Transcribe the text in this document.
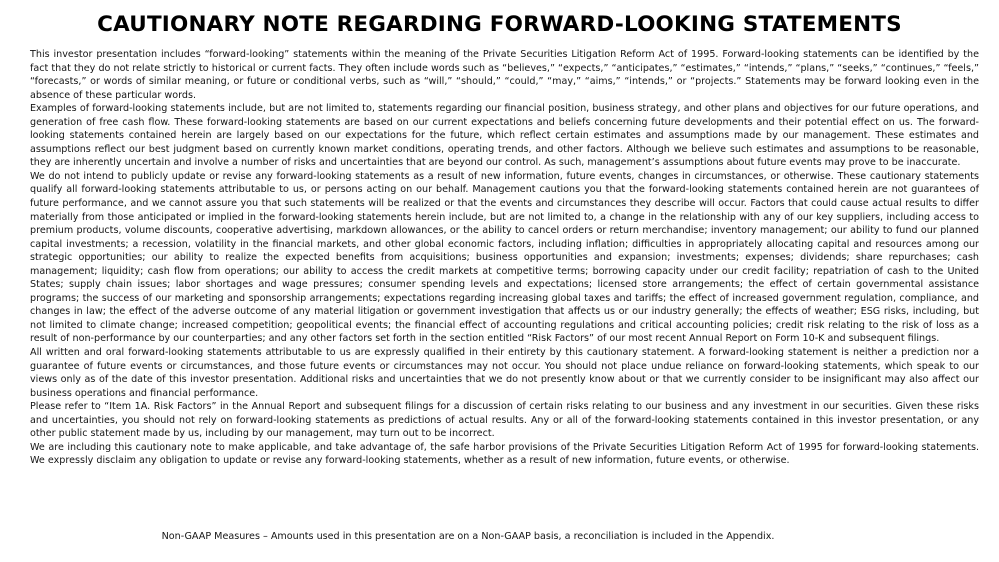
CAUTIONARY NOTE REGARDING FORWARD-LOOKING STATEMENTS

This investor presentation includes “forward-looking” statements within the meaning of the Private Securities Litigation Reform Act of 1995. Forward-looking statements can be identified by the fact that they do not relate strictly to historical or current facts. They often include words such as “believes,” “expects,” “anticipates,” “estimates,” “intends,” “plans,” “seeks,” “continues,” “feels,” “forecasts,” or words of similar meaning, or future or conditional verbs, such as “will,” “should,” “could,” “may,” “aims,” “intends,” or “projects.” Statements may be forward looking even in the absence of these particular words.

Examples of forward-looking statements include, but are not limited to, statements regarding our financial position, business strategy, and other plans and objectives for our future operations, and generation of free cash flow. These forward-looking statements are based on our current expectations and beliefs concerning future developments and their potential effect on us. The forward-looking statements contained herein are largely based on our expectations for the future, which reflect certain estimates and assumptions made by our management. These estimates and assumptions reflect our best judgment based on currently known market conditions, operating trends, and other factors. Although we believe such estimates and assumptions to be reasonable, they are inherently uncertain and involve a number of risks and uncertainties that are beyond our control. As such, management’s assumptions about future events may prove to be inaccurate.

We do not intend to publicly update or revise any forward-looking statements as a result of new information, future events, changes in circumstances, or otherwise. These cautionary statements qualify all forward-looking statements attributable to us, or persons acting on our behalf. Management cautions you that the forward-looking statements contained herein are not guarantees of future performance, and we cannot assure you that such statements will be realized or that the events and circumstances they describe will occur. Factors that could cause actual results to differ materially from those anticipated or implied in the forward-looking statements herein include, but are not limited to, a change in the relationship with any of our key suppliers, including access to premium products, volume discounts, cooperative advertising, markdown allowances, or the ability to cancel orders or return merchandise; inventory management; our ability to fund our planned capital investments; a recession, volatility in the financial markets, and other global economic factors, including inflation; difficulties in appropriately allocating capital and resources among our strategic opportunities; our ability to realize the expected benefits from acquisitions; business opportunities and expansion; investments; expenses; dividends; share repurchases; cash management; liquidity; cash flow from operations; our ability to access the credit markets at competitive terms; borrowing capacity under our credit facility; repatriation of cash to the United States; supply chain issues; labor shortages and wage pressures; consumer spending levels and expectations; licensed store arrangements; the effect of certain governmental assistance programs; the success of our marketing and sponsorship arrangements; expectations regarding increasing global taxes and tariffs; the effect of increased government regulation, compliance, and changes in law; the effect of the adverse outcome of any material litigation or government investigation that affects us or our industry generally; the effects of weather; ESG risks, including, but not limited to climate change; increased competition; geopolitical events; the financial effect of accounting regulations and critical accounting policies; credit risk relating to the risk of loss as a result of non-performance by our counterparties; and any other factors set forth in the section entitled “Risk Factors” of our most recent Annual Report on Form 10-K and subsequent filings.

All written and oral forward-looking statements attributable to us are expressly qualified in their entirety by this cautionary statement. A forward-looking statement is neither a prediction nor a guarantee of future events or circumstances, and those future events or circumstances may not occur. You should not place undue reliance on forward-looking statements, which speak to our views only as of the date of this investor presentation. Additional risks and uncertainties that we do not presently know about or that we currently consider to be insignificant may also affect our business operations and financial performance.

Please refer to “Item 1A. Risk Factors” in the Annual Report and subsequent filings for a discussion of certain risks relating to our business and any investment in our securities. Given these risks and uncertainties, you should not rely on forward-looking statements as predictions of actual results. Any or all of the forward-looking statements contained in this investor presentation, or any other public statement made by us, including by our management, may turn out to be incorrect.

We are including this cautionary note to make applicable, and take advantage of, the safe harbor provisions of the Private Securities Litigation Reform Act of 1995 for forward-looking statements. We expressly disclaim any obligation to update or revise any forward-looking statements, whether as a result of new information, future events, or otherwise.

Non-GAAP Measures – Amounts used in this presentation are on a Non-GAAP basis, a reconciliation is included in the Appendix.
